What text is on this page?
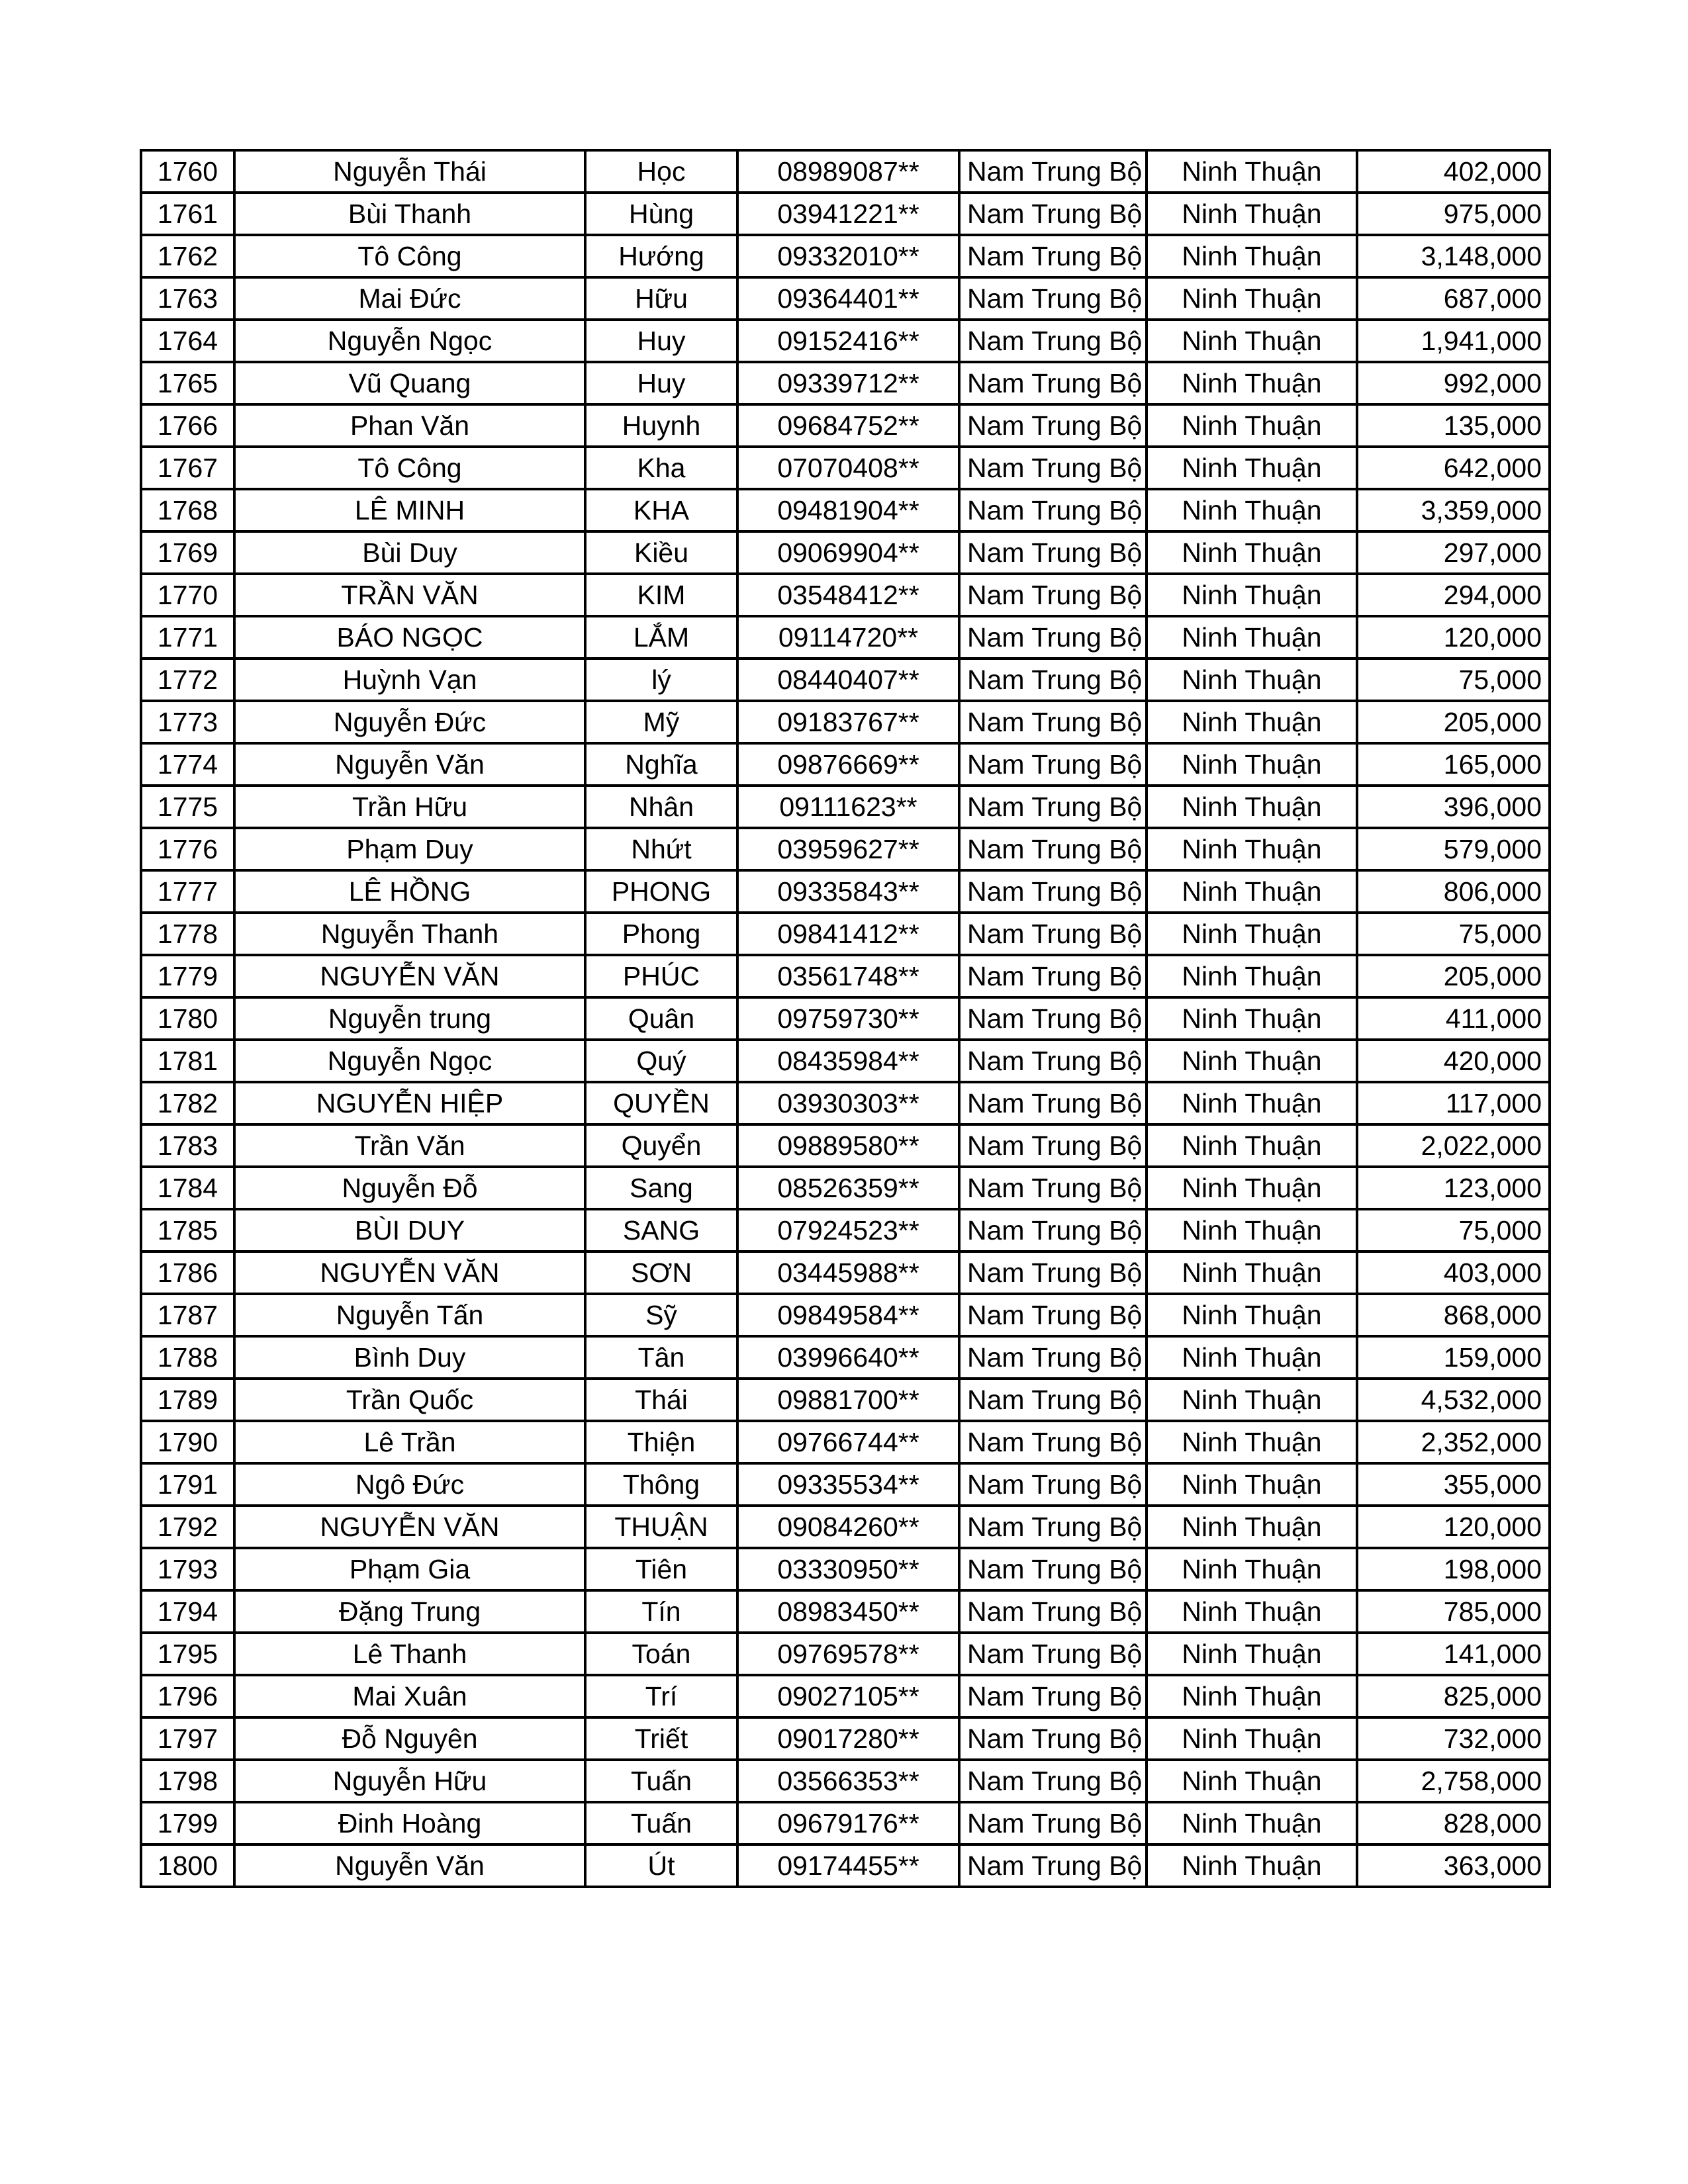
1760	Nguyễn Thái	Học	08989087**	Nam Trung Bộ	Ninh Thuận	402,000
1761	Bùi Thanh	Hùng	03941221**	Nam Trung Bộ	Ninh Thuận	975,000
1762	Tô Công	Hướng	09332010**	Nam Trung Bộ	Ninh Thuận	3,148,000
1763	Mai Đức	Hữu	09364401**	Nam Trung Bộ	Ninh Thuận	687,000
1764	Nguyễn Ngọc	Huy	09152416**	Nam Trung Bộ	Ninh Thuận	1,941,000
1765	Vũ Quang	Huy	09339712**	Nam Trung Bộ	Ninh Thuận	992,000
1766	Phan Văn	Huynh	09684752**	Nam Trung Bộ	Ninh Thuận	135,000
1767	Tô Công	Kha	07070408**	Nam Trung Bộ	Ninh Thuận	642,000
1768	LÊ MINH	KHA	09481904**	Nam Trung Bộ	Ninh Thuận	3,359,000
1769	Bùi Duy	Kiều	09069904**	Nam Trung Bộ	Ninh Thuận	297,000
1770	TRẦN VĂN	KIM	03548412**	Nam Trung Bộ	Ninh Thuận	294,000
1771	BÁO NGỌC	LẮM	09114720**	Nam Trung Bộ	Ninh Thuận	120,000
1772	Huỳnh Vạn	lý	08440407**	Nam Trung Bộ	Ninh Thuận	75,000
1773	Nguyễn Đức	Mỹ	09183767**	Nam Trung Bộ	Ninh Thuận	205,000
1774	Nguyễn Văn	Nghĩa	09876669**	Nam Trung Bộ	Ninh Thuận	165,000
1775	Trần Hữu	Nhân	09111623**	Nam Trung Bộ	Ninh Thuận	396,000
1776	Phạm Duy	Nhứt	03959627**	Nam Trung Bộ	Ninh Thuận	579,000
1777	LÊ HỒNG	PHONG	09335843**	Nam Trung Bộ	Ninh Thuận	806,000
1778	Nguyễn Thanh	Phong	09841412**	Nam Trung Bộ	Ninh Thuận	75,000
1779	NGUYỄN VĂN	PHÚC	03561748**	Nam Trung Bộ	Ninh Thuận	205,000
1780	Nguyễn trung	Quân	09759730**	Nam Trung Bộ	Ninh Thuận	411,000
1781	Nguyễn Ngọc	Quý	08435984**	Nam Trung Bộ	Ninh Thuận	420,000
1782	NGUYỄN HIỆP	QUYỀN	03930303**	Nam Trung Bộ	Ninh Thuận	117,000
1783	Trần Văn	Quyển	09889580**	Nam Trung Bộ	Ninh Thuận	2,022,000
1784	Nguyễn Đỗ	Sang	08526359**	Nam Trung Bộ	Ninh Thuận	123,000
1785	BÙI DUY	SANG	07924523**	Nam Trung Bộ	Ninh Thuận	75,000
1786	NGUYỄN VĂN	SƠN	03445988**	Nam Trung Bộ	Ninh Thuận	403,000
1787	Nguyễn Tấn	Sỹ	09849584**	Nam Trung Bộ	Ninh Thuận	868,000
1788	Bình Duy	Tân	03996640**	Nam Trung Bộ	Ninh Thuận	159,000
1789	Trần Quốc	Thái	09881700**	Nam Trung Bộ	Ninh Thuận	4,532,000
1790	Lê Trần	Thiện	09766744**	Nam Trung Bộ	Ninh Thuận	2,352,000
1791	Ngô Đức	Thông	09335534**	Nam Trung Bộ	Ninh Thuận	355,000
1792	NGUYỄN VĂN	THUẬN	09084260**	Nam Trung Bộ	Ninh Thuận	120,000
1793	Phạm Gia	Tiên	03330950**	Nam Trung Bộ	Ninh Thuận	198,000
1794	Đặng Trung	Tín	08983450**	Nam Trung Bộ	Ninh Thuận	785,000
1795	Lê Thanh	Toán	09769578**	Nam Trung Bộ	Ninh Thuận	141,000
1796	Mai Xuân	Trí	09027105**	Nam Trung Bộ	Ninh Thuận	825,000
1797	Đỗ Nguyên	Triết	09017280**	Nam Trung Bộ	Ninh Thuận	732,000
1798	Nguyễn Hữu	Tuấn	03566353**	Nam Trung Bộ	Ninh Thuận	2,758,000
1799	Đinh Hoàng	Tuấn	09679176**	Nam Trung Bộ	Ninh Thuận	828,000
1800	Nguyễn Văn	Út	09174455**	Nam Trung Bộ	Ninh Thuận	363,000
